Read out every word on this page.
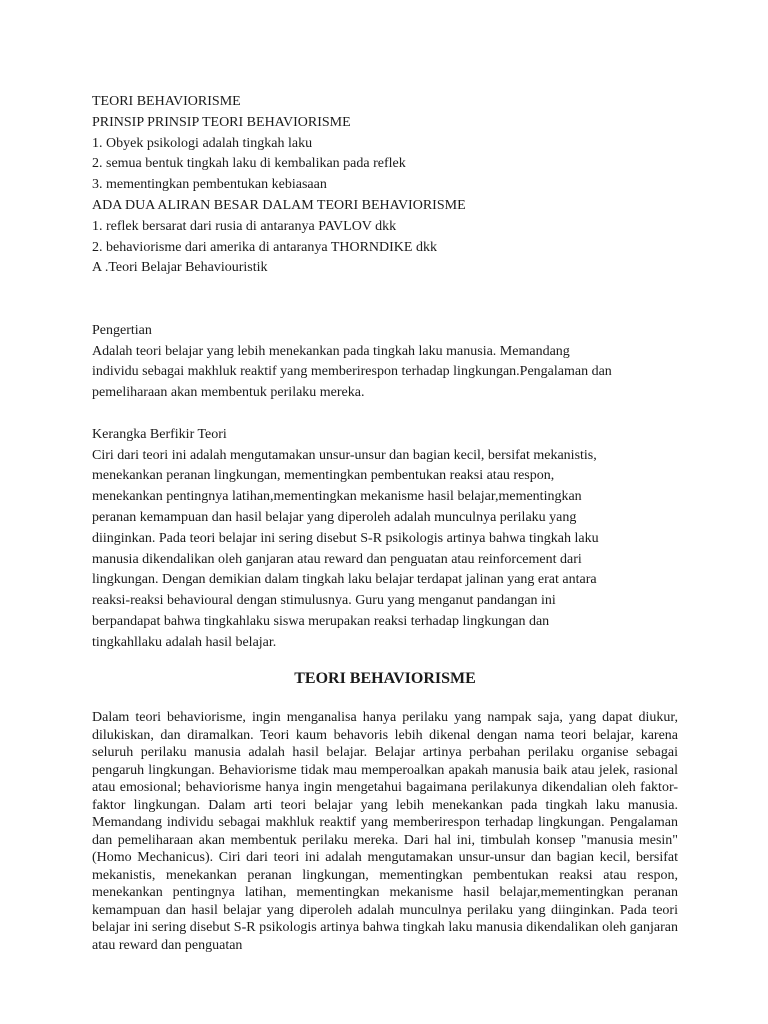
TEORI BEHAVIORISME

PRINSIP PRINSIP TEORI BEHAVIORISME

1. Obyek psikologi adalah tingkah laku

2. semua bentuk tingkah laku di kembalikan pada reflek

3. mementingkan pembentukan kebiasaan

ADA DUA ALIRAN BESAR DALAM TEORI BEHAVIORISME

1. reflek bersarat dari rusia di antaranya PAVLOV dkk

2. behaviorisme dari amerika di antaranya THORNDIKE dkk

A .Teori Belajar Behaviouristik

Pengertian

Adalah teori belajar yang lebih menekankan pada tingkah laku manusia. Memandang

individu sebagai makhluk reaktif yang memberirespon terhadap lingkungan.Pengalaman dan

pemeliharaan akan membentuk perilaku mereka.

Kerangka Berfikir Teori

Ciri dari teori ini adalah mengutamakan unsur-unsur dan bagian kecil, bersifat mekanistis,

menekankan peranan lingkungan, mementingkan pembentukan reaksi atau respon,

menekankan pentingnya latihan,mementingkan mekanisme hasil belajar,mementingkan

peranan kemampuan dan hasil belajar yang diperoleh adalah munculnya perilaku yang

diinginkan. Pada teori belajar ini sering disebut S-R psikologis artinya bahwa tingkah laku

manusia dikendalikan oleh ganjaran atau reward dan penguatan atau reinforcement dari

lingkungan. Dengan demikian dalam tingkah laku belajar terdapat jalinan yang erat antara

reaksi-reaksi behavioural dengan stimulusnya. Guru yang menganut pandangan ini

berpandapat bahwa tingkahlaku siswa merupakan reaksi terhadap lingkungan dan

tingkahllaku adalah hasil belajar.

TEORI BEHAVIORISME

Dalam teori behaviorisme, ingin menganalisa hanya perilaku yang nampak saja, yang dapat diukur, dilukiskan, dan diramalkan. Teori kaum behavoris lebih dikenal dengan nama teori belajar, karena seluruh perilaku manusia adalah hasil belajar. Belajar artinya perbahan perilaku organise sebagai pengaruh lingkungan. Behaviorisme tidak mau memperoalkan apakah manusia baik atau jelek, rasional atau emosional; behaviorisme hanya ingin mengetahui bagaimana perilakunya dikendalian oleh faktor-faktor lingkungan. Dalam arti teori belajar yang lebih menekankan pada tingkah laku manusia. Memandang individu sebagai makhluk reaktif yang memberirespon terhadap lingkungan. Pengalaman dan pemeliharaan akan membentuk perilaku mereka. Dari hal ini, timbulah konsep "manusia mesin" (Homo Mechanicus). Ciri dari teori ini adalah mengutamakan unsur-unsur dan bagian kecil, bersifat mekanistis, menekankan peranan lingkungan, mementingkan pembentukan reaksi atau respon, menekankan pentingnya latihan, mementingkan mekanisme hasil belajar,mementingkan peranan kemampuan dan hasil belajar yang diperoleh adalah munculnya perilaku yang diinginkan. Pada teori belajar ini sering disebut S-R psikologis artinya bahwa tingkah laku manusia dikendalikan oleh ganjaran atau reward dan penguatan
